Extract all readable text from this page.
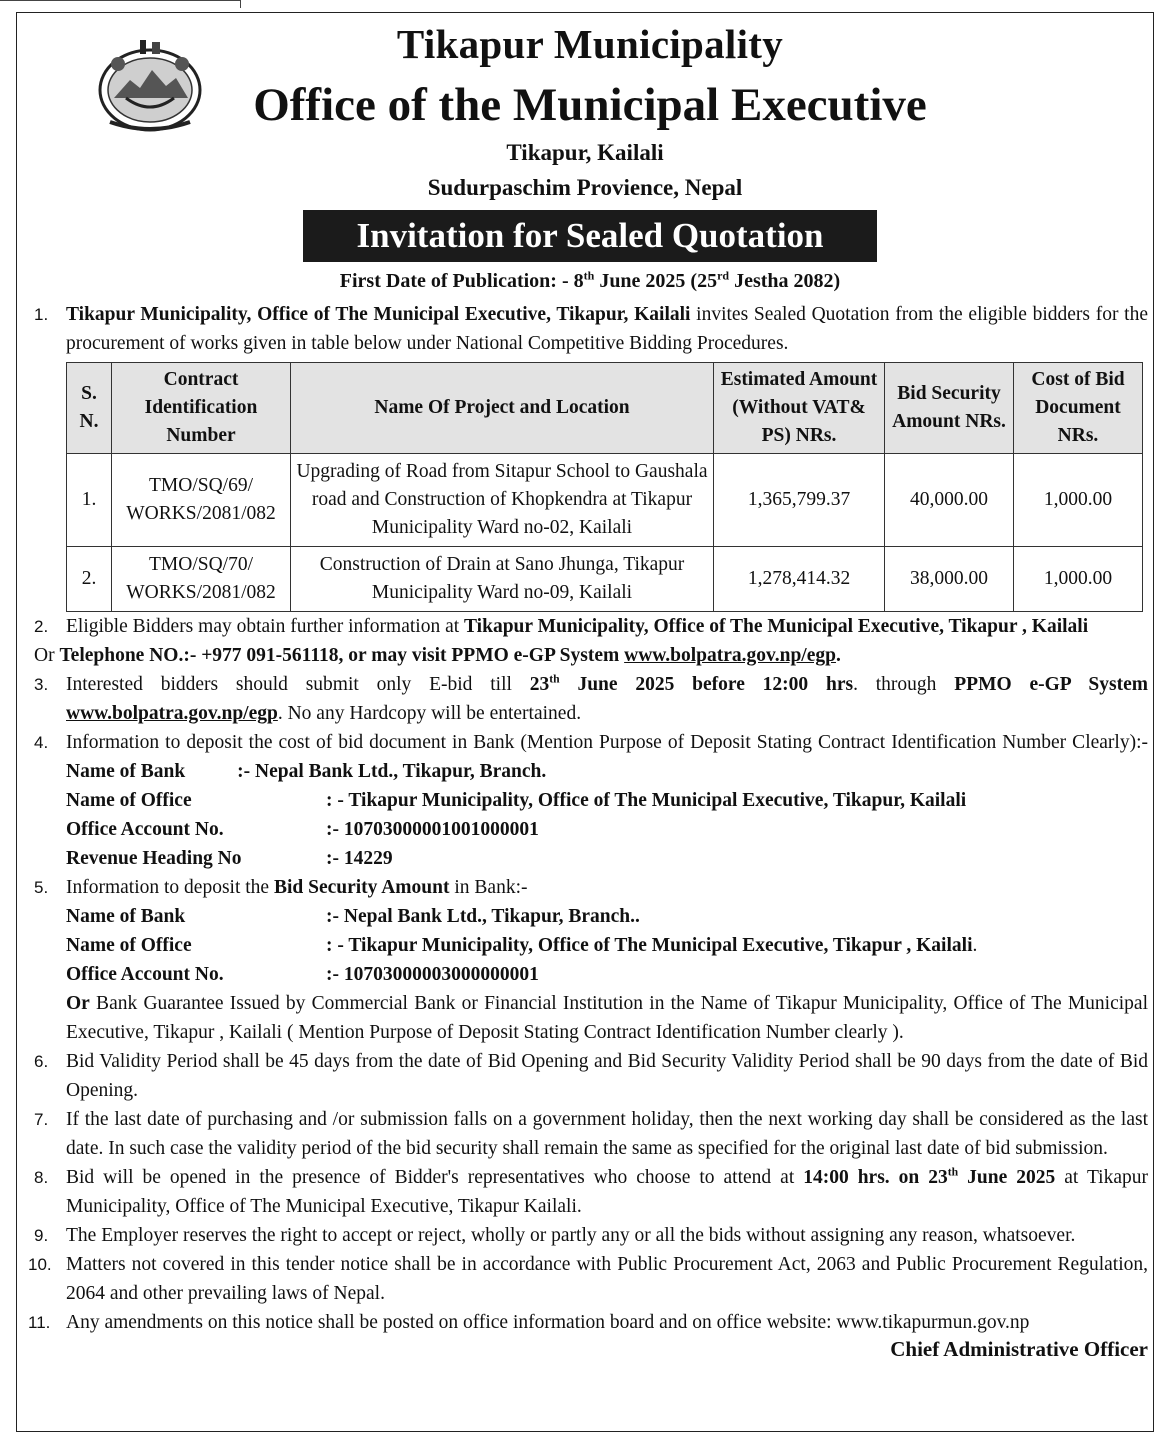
Tikapur Municipality
Office of the Municipal Executive
Tikapur, Kailali
Sudurpaschim Provience, Nepal
Invitation for Sealed Quotation
First Date of Publication: - 8th June 2025 (25rd Jestha 2082)
1. Tikapur Municipality, Office of The Municipal Executive, Tikapur, Kailali invites Sealed Quotation from the eligible bidders for the procurement of works given in table below under National Competitive Bidding Procedures.
S. N.	Contract Identification Number	Name Of Project and Location	Estimated Amount (Without VAT& PS) NRs.	Bid Security Amount NRs.	Cost of Bid Document NRs.
1.	TMO/SQ/69/ WORKS/2081/082	Upgrading of Road from Sitapur School to Gaushala road and Construction of Khopkendra at Tikapur Municipality Ward no-02, Kailali	1,365,799.37	40,000.00	1,000.00
2.	TMO/SQ/70/ WORKS/2081/082	Construction of Drain at Sano Jhunga, Tikapur Municipality Ward no-09, Kailali	1,278,414.32	38,000.00	1,000.00
2. Eligible Bidders may obtain further information at Tikapur Municipality, Office of The Municipal Executive, Tikapur , Kailali
Or Telephone NO.:- +977 091-561118, or may visit PPMO e-GP System www.bolpatra.gov.np/egp.
3. Interested bidders should submit only E-bid till 23th June 2025 before 12:00 hrs. through PPMO e-GP System www.bolpatra.gov.np/egp. No any Hardcopy will be entertained.
4. Information to deposit the cost of bid document in Bank (Mention Purpose of Deposit Stating Contract Identification Number Clearly):-Name of Bank	:- Nepal Bank Ltd., Tikapur, Branch.
Name of Office	: - Tikapur Municipality, Office of The Municipal Executive, Tikapur, Kailali
Office Account No.	:- 10703000001001000001
Revenue Heading No	:- 14229
5. Information to deposit the Bid Security Amount in Bank:-
Name of Bank	:- Nepal Bank Ltd., Tikapur, Branch..
Name of Office	: - Tikapur Municipality, Office of The Municipal Executive, Tikapur , Kailali .
Office Account No.	:- 10703000003000000001
Or Bank Guarantee Issued by Commercial Bank or Financial Institution in the Name of Tikapur Municipality, Office of The Municipal Executive, Tikapur , Kailali ( Mention Purpose of Deposit Stating Contract Identification Number clearly ).
6. Bid Validity Period shall be 45 days from the date of Bid Opening and Bid Security Validity Period shall be 90 days from the date of Bid Opening.
7. If the last date of purchasing and /or submission falls on a government holiday, then the next working day shall be considered as the last date. In such case the validity period of the bid security shall remain the same as specified for the original last date of bid submission.
8. Bid will be opened in the presence of Bidder's representatives who choose to attend at 14:00 hrs. on 23th June 2025 at Tikapur Municipality, Office of The Municipal Executive, Tikapur Kailali.
9. The Employer reserves the right to accept or reject, wholly or partly any or all the bids without assigning any reason, whatsoever.
10. Matters not covered in this tender notice shall be in accordance with Public Procurement Act, 2063 and Public Procurement Regulation, 2064 and other prevailing laws of Nepal.
11. Any amendments on this notice shall be posted on office information board and on office website: www.tikapurmun.gov.np
Chief Administrative Officer
